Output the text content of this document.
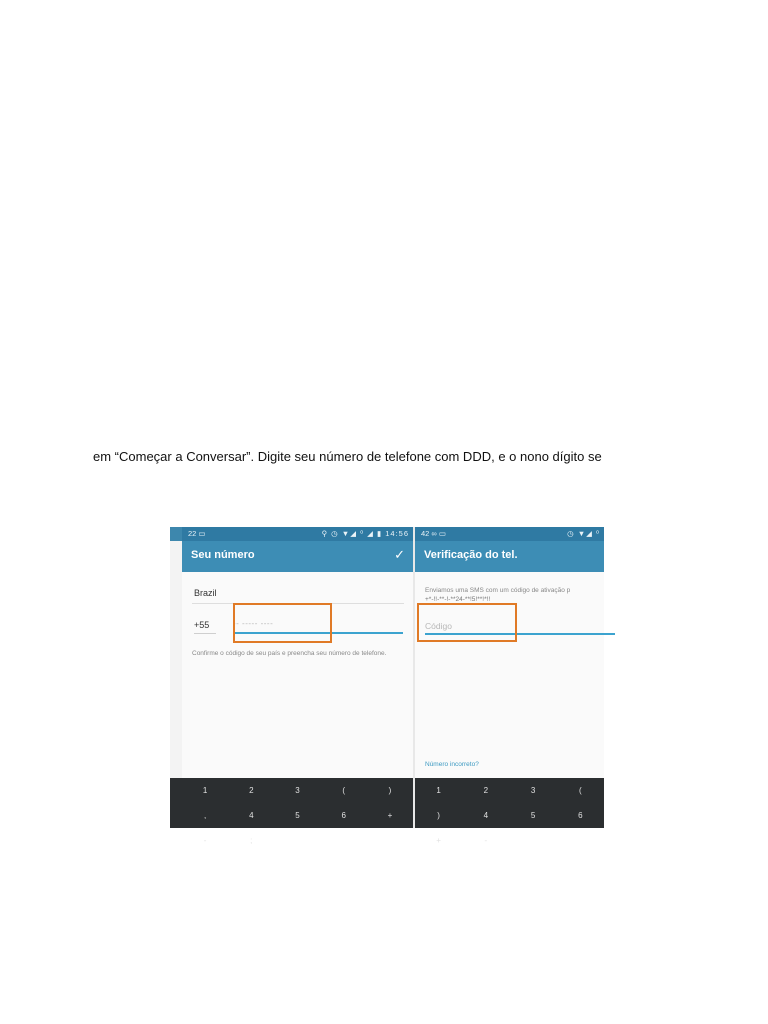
em “Começar a Conversar”. Digite seu número de telefone com DDD, e o nono dígito se
22 ▭	⚲ ◷ ▼◢ ⁰ ◢ ▮ 14:56
Seu número	✓
Brazil
+55	-- ----- ----
Confirme o código de seu país e preencha seu número de telefone.
1	2	3	(	)
,	4	5	6	+
-	;
42 ∞ ▭	◷ ▼◢ ⁰
Verificação do tel.
Enviamos uma SMS com um código de ativação p
+*-!!-**-!-**24-**!5!**!*!!
Código
Número incorreto?
1	2	3	(
)	4	5	6
+	-
